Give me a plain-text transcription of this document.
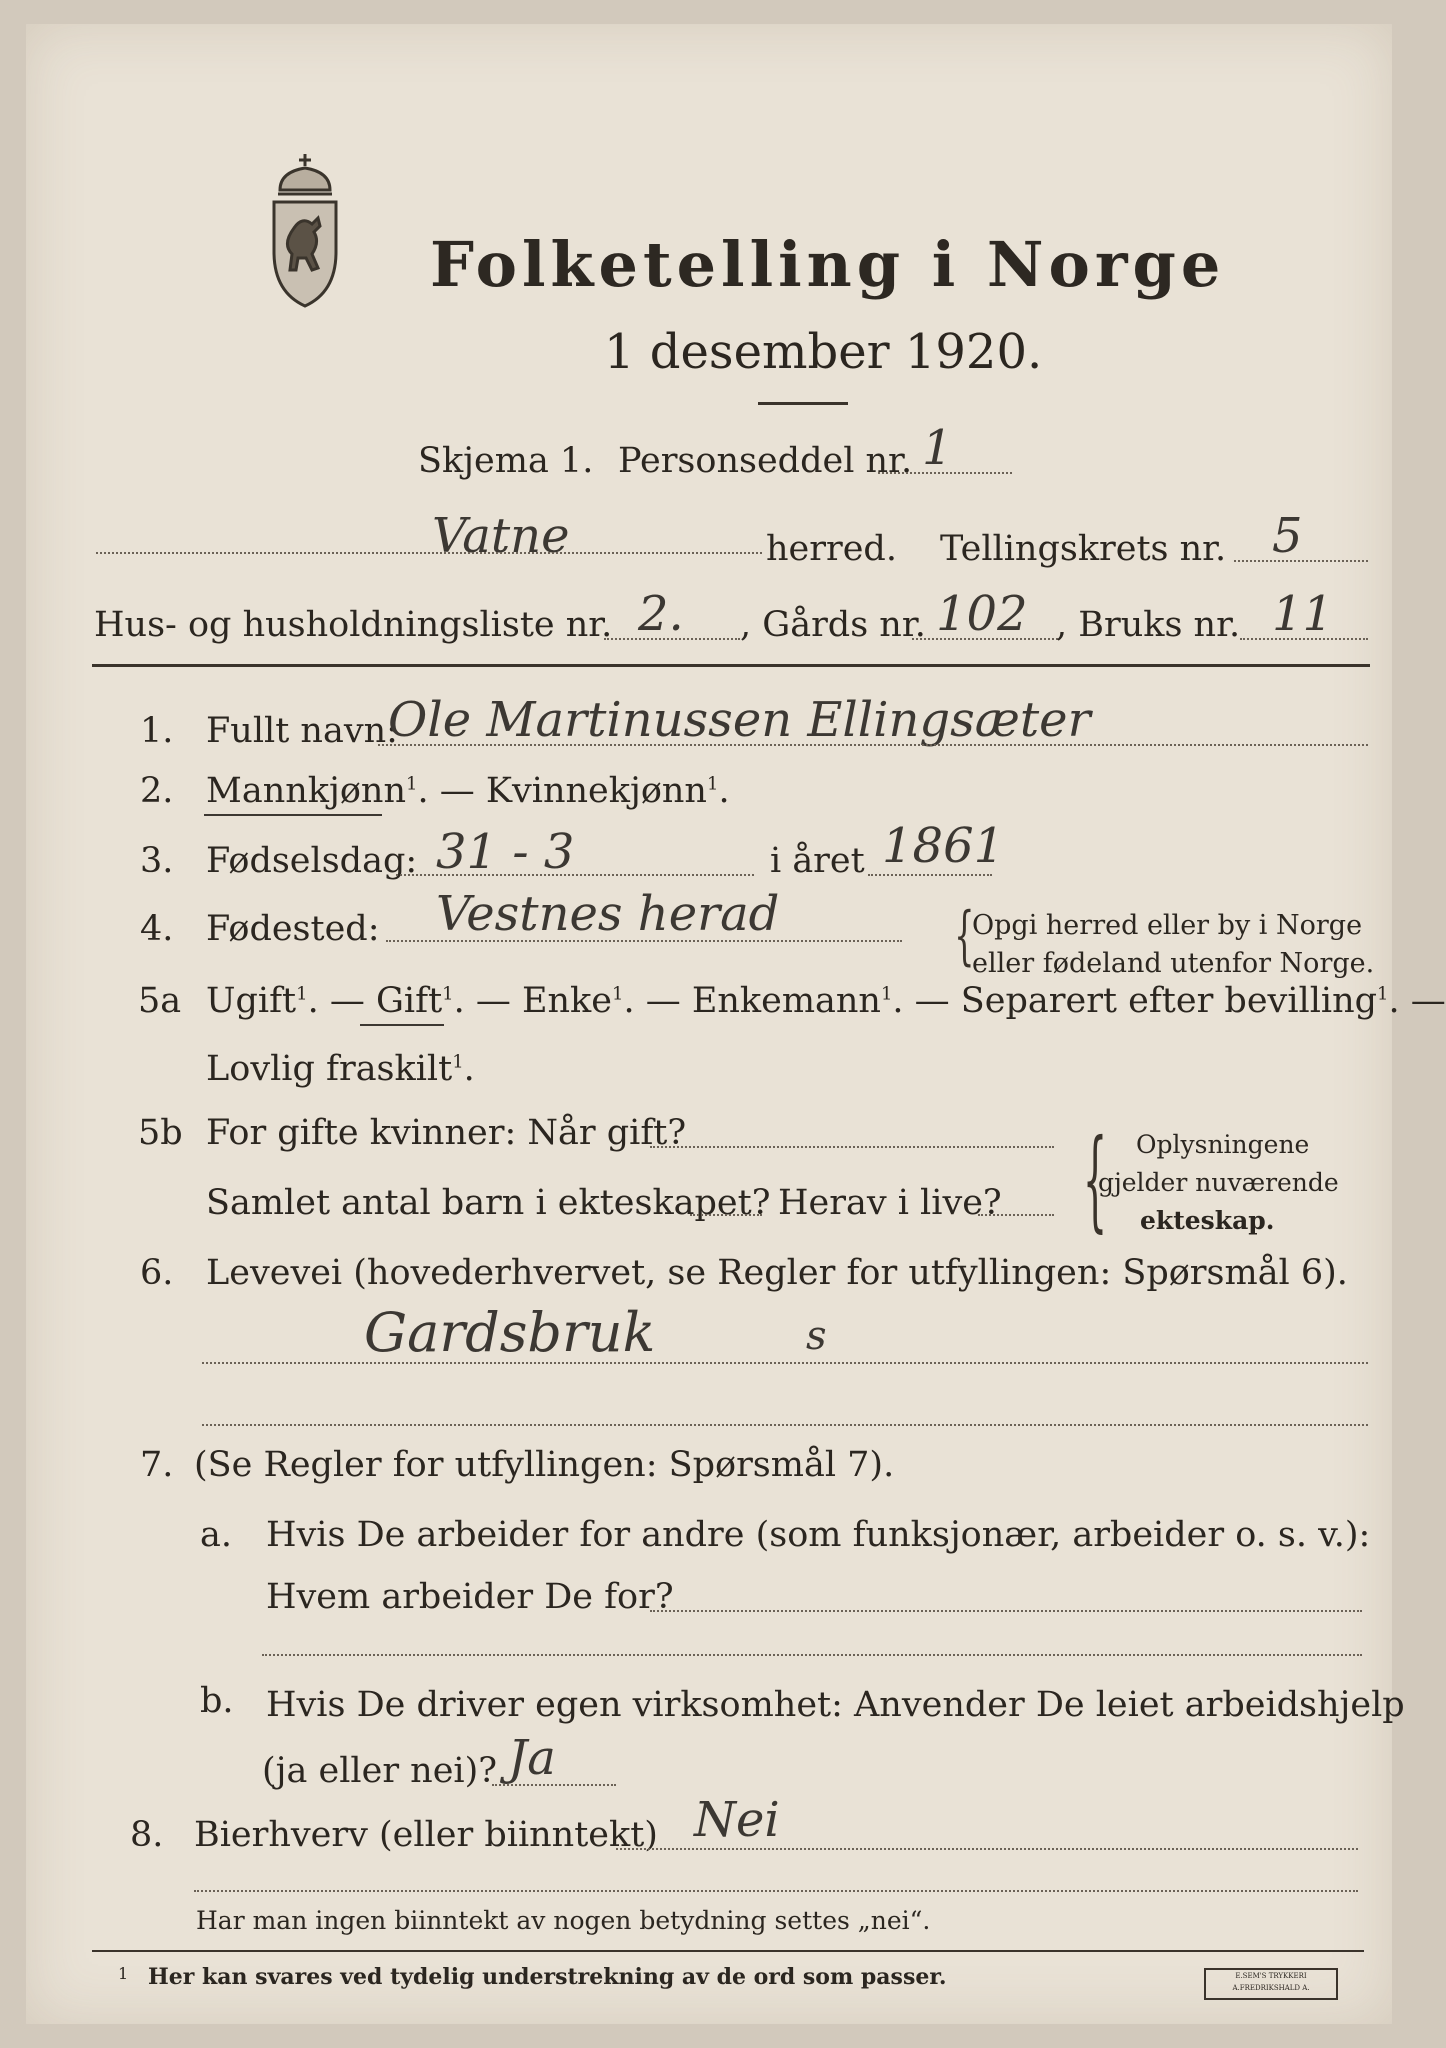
Folketelling i Norge
1 desember 1920.
Skjema 1. Personseddel nr. 1
Vatne	herred. Tellingskrets nr. 5
Hus- og husholdningsliste nr. 2. , Gårds nr. 102 , Bruks nr. 11
1. Fullt navn:
Ole Martinussen Ellingsæter
2. Mannkjønn$^1$. — Kvinnekjønn$^1$.
3. Fødselsdag: 31 - 3	i året 1861
4. Fødested: Vestnes herad	{
Opgi herred eller by i Norge
eller fødeland utenfor Norge.
5a Ugift$^1$. — Gift$^1$. — Enke$^1$. — Enkemann$^1$. — Separert efter bevilling$^1$. —
Lovlig fraskilt$^1$.
5b For gifte kvinner: Når gift?
Samlet antal barn i ekteskapet? Herav i live? { Oplysningene
gjelder nuværende
ekteskap.
6. Levevei (hovederhvervet, se Regler for utfyllingen: Spørsmål 6).
Gardsbruk	s
7. (Se Regler for utfyllingen: Spørsmål 7).
a. Hvis De arbeider for andre (som funksjonær, arbeider o. s. v.):
Hvem arbeider De for?
b. Hvis De driver egen virksomhet: Anvender De leiet arbeidshjelp
(ja eller nei)? Ja
8. Bierhverv (eller biinntekt) Nei
Har man ingen biinntekt av nogen betydning settes „nei“.
1 Her kan svares ved tydelig understrekning av de ord som passer.	E.SEM'S TRYKKERI
A.FREDRIKSHALD A.
